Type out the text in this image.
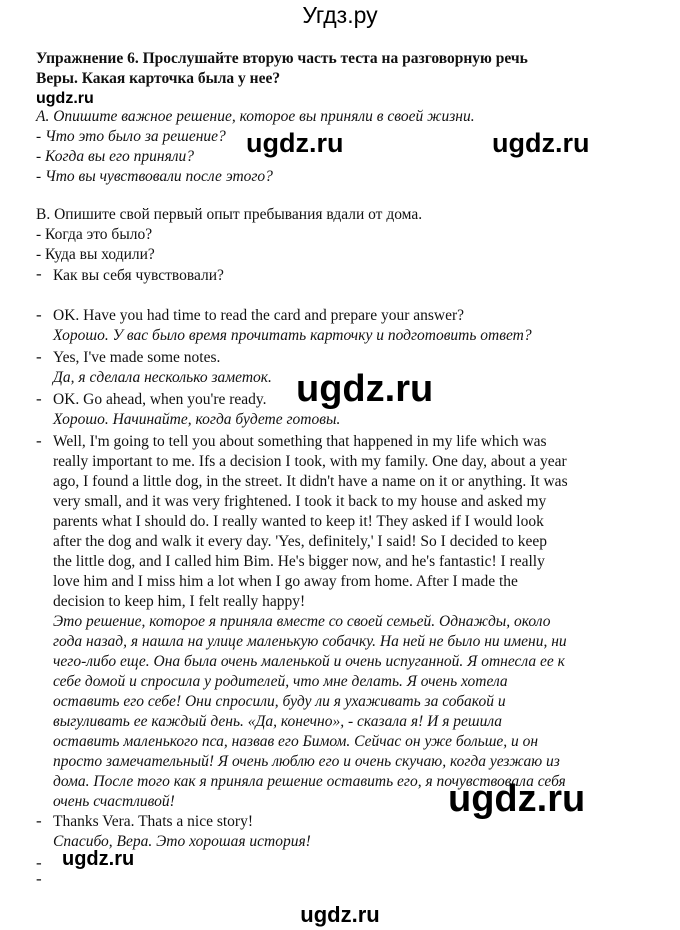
Угдз.ру
Упражнение 6. Прослушайте вторую часть теста на разговорную речь
Веры. Какая карточка была у нее?
ugdz.ru
А. Опишите важное решение, которое вы приняли в своей жизни.
- Что это было за решение?
- Когда вы его приняли?
- Что вы чувствовали после этого?
ugdz.ru	ugdz.ru
В. Опишите свой первый опыт пребывания вдали от дома.
- Когда это было?
- Куда вы ходили?
- Как вы себя чувствовали?
- OK. Have you had time to read the card and prepare your answer?
Хорошо. У вас было время прочитать карточку и подготовить ответ?
- Yes, I've made some notes.
Да, я сделала несколько заметок. ugdz.ru
- OK. Go ahead, when you're ready.
Хорошо. Начинайте, когда будете готовы.
- Well, I'm going to tell you about something that happened in my life which was
really important to me. Ifs a decision I took, with my family. One day, about a year
ago, I found a little dog, in the street. It didn't have a name on it or anything. It was
very small, and it was very frightened. I took it back to my house and asked my
parents what I should do. I really wanted to keep it! They asked if I would look
after the dog and walk it every day. 'Yes, definitely,' I said! So I decided to keep
the little dog, and I called him Bim. He's bigger now, and he's fantastic! I really
love him and I miss him a lot when I go away from home. After I made the
decision to keep him, I felt really happy!
Это решение, которое я приняла вместе со своей семьей. Однажды, около
года назад, я нашла на улице маленькую собачку. На ней не было ни имени, ни
чего-либо еще. Она была очень маленькой и очень испуганной. Я отнесла ее к
себе домой и спросила у родителей, что мне делать. Я очень хотела
оставить его себе! Они спросили, буду ли я ухаживать за собакой и
выгуливать ее каждый день. «Да, конечно», - сказала я! И я решила
оставить маленького пса, назвав его Бимом. Сейчас он уже больше, и он
просто замечательный! Я очень люблю его и очень скучаю, когда уезжаю из
дома. После того как я приняла решение оставить его, я почувствовала себя
очень счастливой!	ugdz.ru
- Thanks Vera. Thats a nice story!
Спасибо, Вера. Это хорошая история!
- ugdz.ru
-
ugdz.ru
